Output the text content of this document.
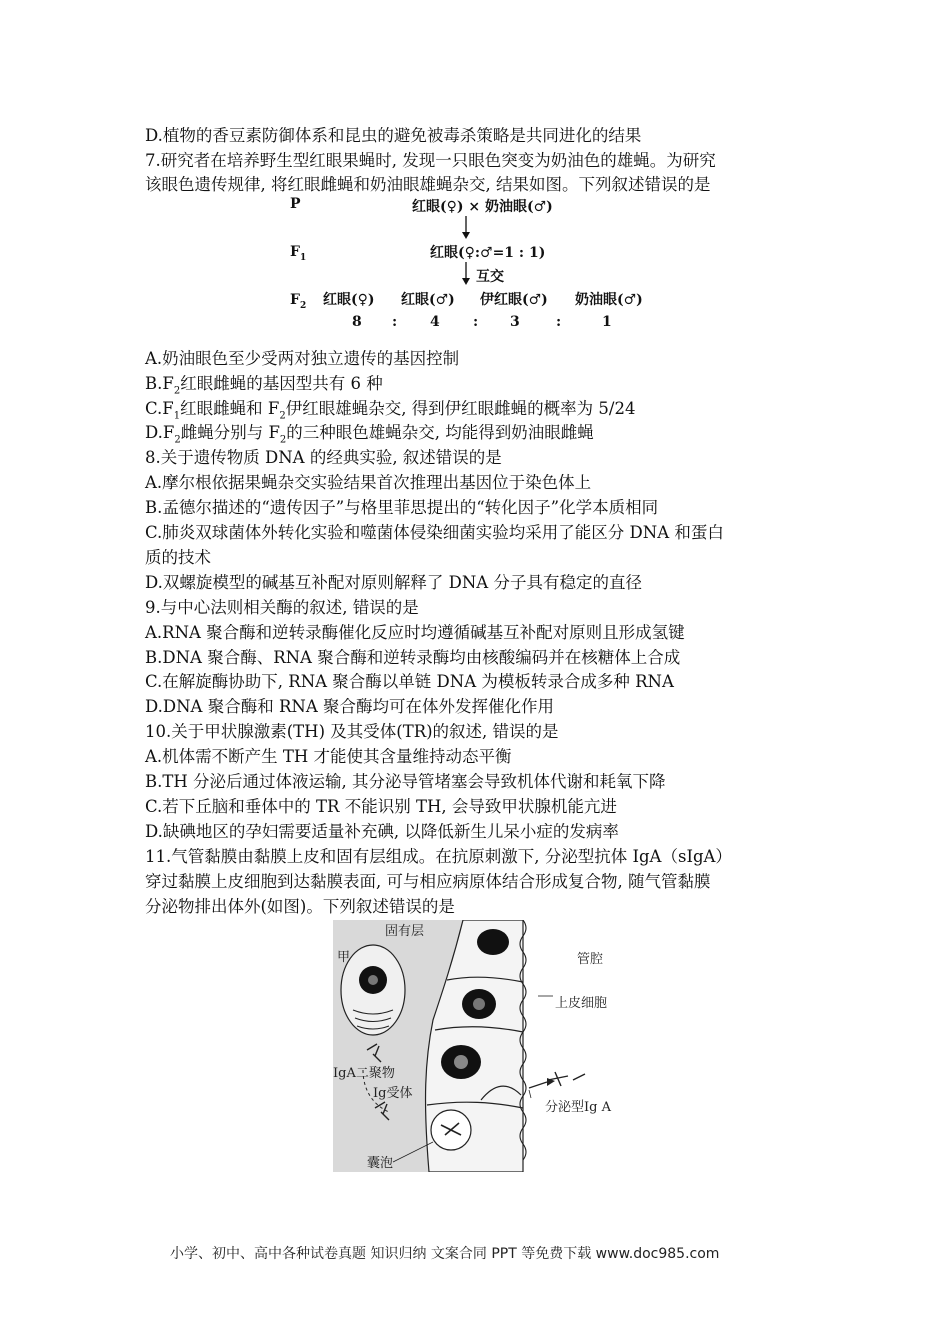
D.植物的香豆素防御体系和昆虫的避免被毒杀策略是共同进化的结果
7.研究者在培养野生型红眼果蝇时, 发现一只眼色突变为奶油色的雄蝇。为研究
该眼色遗传规律, 将红眼雌蝇和奶油眼雄蝇杂交, 结果如图。下列叙述错误的是
P	红眼(♀) × 奶油眼(♂)
$F_1$	红眼(♀:♂=1 : 1)
互交
$F_2$ 红眼(♀) 红眼(♂) 伊红眼(♂) 奶油眼(♂)
8 : 4 : 3	:	1
A.奶油眼色至少受两对独立遗传的基因控制
$B.F_2$红眼雌蝇的基因型共有 6 种
$C.F_1$红眼雌蝇和 $F_2$伊红眼雄蝇杂交, 得到伊红眼雌蝇的概率为 5/24
$D.F_2$雌蝇分别与 $F_2$的三种眼色雄蝇杂交, 均能得到奶油眼雌蝇
8.关于遗传物质 DNA 的经典实验, 叙述错误的是
A.摩尔根依据果蝇杂交实验结果首次推理出基因位于染色体上
B.孟德尔描述的“遗传因子”与格里菲思提出的“转化因子”化学本质相同
C.肺炎双球菌体外转化实验和噬菌体侵染细菌实验均采用了能区分 DNA 和蛋白
质的技术
D.双螺旋模型的碱基互补配对原则解释了 DNA 分子具有稳定的直径
9.与中心法则相关酶的叙述, 错误的是
A.RNA 聚合酶和逆转录酶催化反应时均遵循碱基互补配对原则且形成氢键
B.DNA 聚合酶、RNA 聚合酶和逆转录酶均由核酸编码并在核糖体上合成
C.在解旋酶协助下, RNA 聚合酶以单链 DNA 为模板转录合成多种 RNA
D.DNA 聚合酶和 RNA 聚合酶均可在体外发挥催化作用
10.关于甲状腺激素(TH) 及其受体(TR)的叙述, 错误的是
A.机体需不断产生 TH 才能使其含量维持动态平衡
B.TH 分泌后通过体液运输, 其分泌导管堵塞会导致机体代谢和耗氧下降
C.若下丘脑和垂体中的 TR 不能识别 TH, 会导致甲状腺机能亢进
D.缺碘地区的孕妇需要适量补充碘, 以降低新生儿呆小症的发病率
11.气管黏膜由黏膜上皮和固有层组成。在抗原刺激下, 分泌型抗体 IgA（sIgA）
穿过黏膜上皮细胞到达黏膜表面, 可与相应病原体结合形成复合物, 随气管黏膜
分泌物排出体外(如图)。下列叙述错误的是
固有层
甲	管腔
上皮细胞
IgA二聚物
Ig受体
分泌型Ig A
囊泡
小学、初中、高中各种试卷真题 知识归纳 文案合同 PPT 等免费下载 www.doc985.com
